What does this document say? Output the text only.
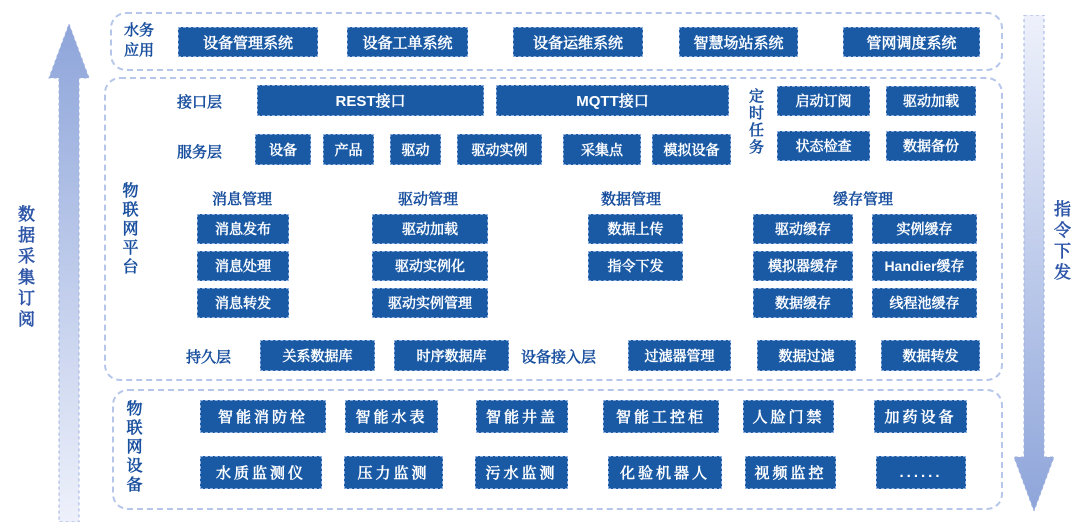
数据采集订阅	指令下发
水务应用	设备管理系统	设备工单系统	设备运维系统	智慧场站系统	管网调度系统
物联网平台
接口层	REST接口	MQTT接口	定时任务	启动订阅	驱动加载
状态检查	数据备份
服务层	设备	产品	驱动	驱动实例	采集点	模拟设备
消息管理
消息发布
消息处理
消息转发
驱动管理
驱动加载
驱动实例化
驱动实例管理
数据管理
数据上传
指令下发
缓存管理
驱动缓存
模拟器缓存
数据缓存
实例缓存
Handier缓存
线程池缓存
持久层	关系数据库	时序数据库	设备接入层	过滤器管理	数据过滤	数据转发
物联网设备	智能消防栓	智能水表	智能井盖	智能工控柜	人脸门禁	加药设备
水质监测仪	压力监测	污水监测	化验机器人	视频监控	......
